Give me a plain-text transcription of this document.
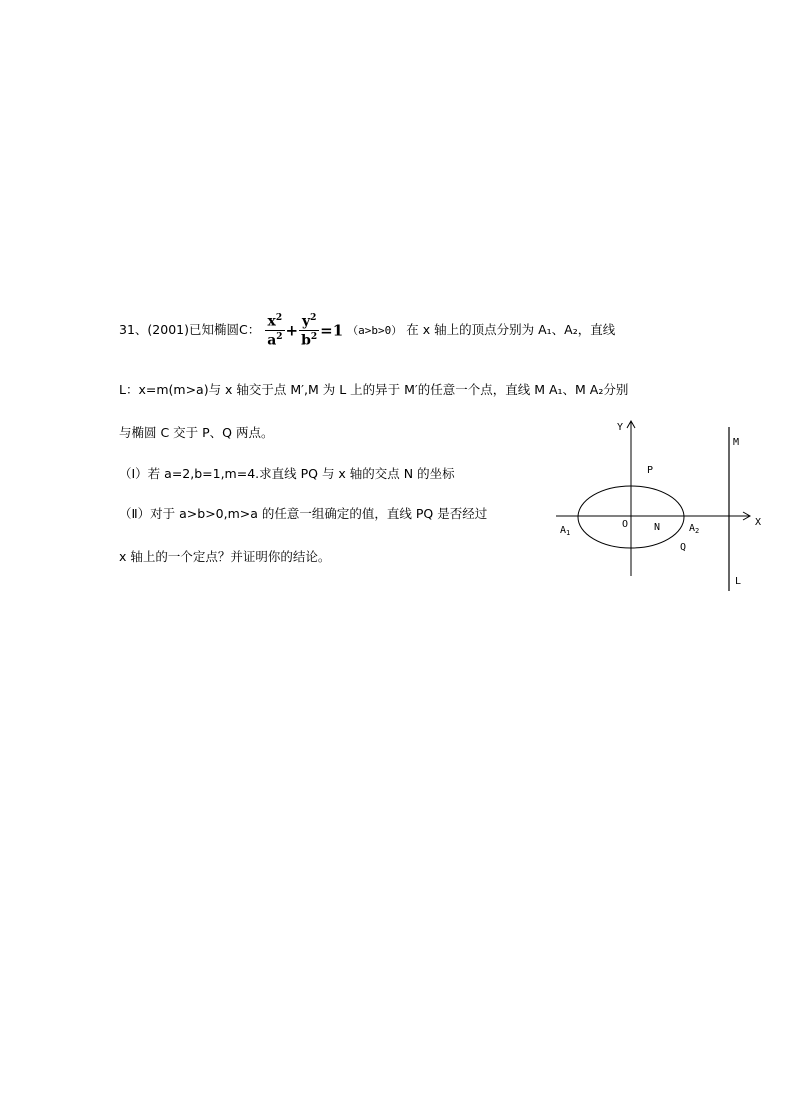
31、(2001)已知椭圆C： $\frac{x^2}{a^2} + \frac{y^2}{b^2} =1$ （a>b>0） 在 x 轴上的顶点分别为 A₁、A₂，直线
L：x=m(m>a)与 x 轴交于点 M′,M 为 L 上的异于 M′的任意一个点，直线 M A₁、M A₂分别
与椭圆 C 交于 P、Q 两点。
（Ⅰ）若 a=2,b=1,m=4.求直线 PQ 与 x 轴的交点 N 的坐标
（Ⅱ）对于 a>b>0,m>a 的任意一组确定的值，直线 PQ 是否经过
x 轴上的一个定点？并证明你的结论。
Y
M
P
X
O	N
$A_1$	$A_2$
Q
L
